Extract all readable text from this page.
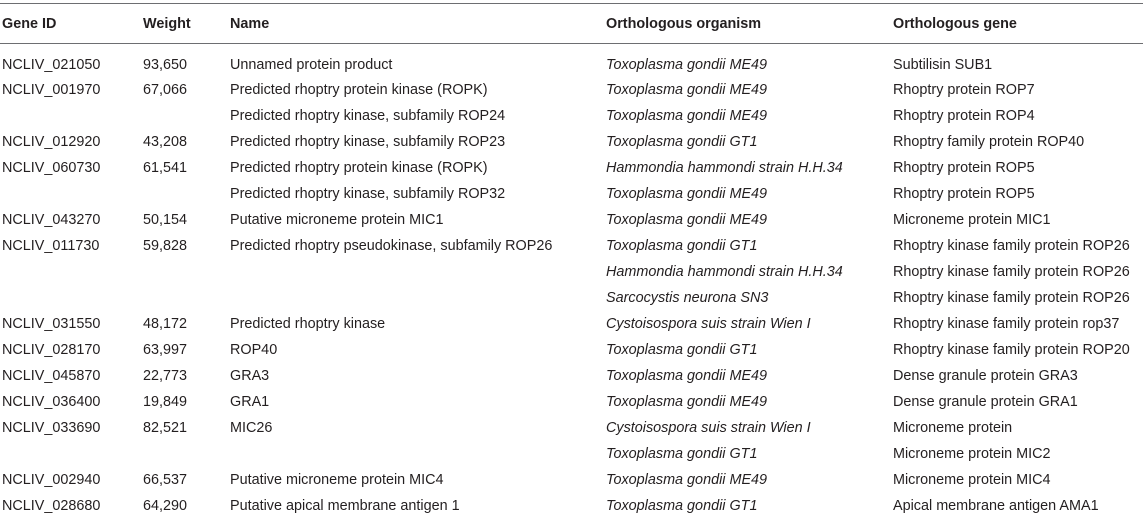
Gene ID	Weight	Name	Orthologous organism	Orthologous gene
NCLIV_021050	93,650	Unnamed protein product	Toxoplasma gondii ME49	Subtilisin SUB1
NCLIV_001970	67,066	Predicted rhoptry protein kinase (ROPK)	Toxoplasma gondii ME49	Rhoptry protein ROP7
		Predicted rhoptry kinase, subfamily ROP24	Toxoplasma gondii ME49	Rhoptry protein ROP4
NCLIV_012920	43,208	Predicted rhoptry kinase, subfamily ROP23	Toxoplasma gondii GT1	Rhoptry family protein ROP40
NCLIV_060730	61,541	Predicted rhoptry protein kinase (ROPK)	Hammondia hammondi strain H.H.34	Rhoptry protein ROP5
		Predicted rhoptry kinase, subfamily ROP32	Toxoplasma gondii ME49	Rhoptry protein ROP5
NCLIV_043270	50,154	Putative microneme protein MIC1	Toxoplasma gondii ME49	Microneme protein MIC1
NCLIV_011730	59,828	Predicted rhoptry pseudokinase, subfamily ROP26	Toxoplasma gondii GT1	Rhoptry kinase family protein ROP26
			Hammondia hammondi strain H.H.34	Rhoptry kinase family protein ROP26
			Sarcocystis neurona SN3	Rhoptry kinase family protein ROP26
NCLIV_031550	48,172	Predicted rhoptry kinase	Cystoisospora suis strain Wien I	Rhoptry kinase family protein rop37
NCLIV_028170	63,997	ROP40	Toxoplasma gondii GT1	Rhoptry kinase family protein ROP20
NCLIV_045870	22,773	GRA3	Toxoplasma gondii ME49	Dense granule protein GRA3
NCLIV_036400	19,849	GRA1	Toxoplasma gondii ME49	Dense granule protein GRA1
NCLIV_033690	82,521	MIC26	Cystoisospora suis strain Wien I	Microneme protein
			Toxoplasma gondii GT1	Microneme protein MIC2
NCLIV_002940	66,537	Putative microneme protein MIC4	Toxoplasma gondii ME49	Microneme protein MIC4
NCLIV_028680	64,290	Putative apical membrane antigen 1	Toxoplasma gondii GT1	Apical membrane antigen AMA1
